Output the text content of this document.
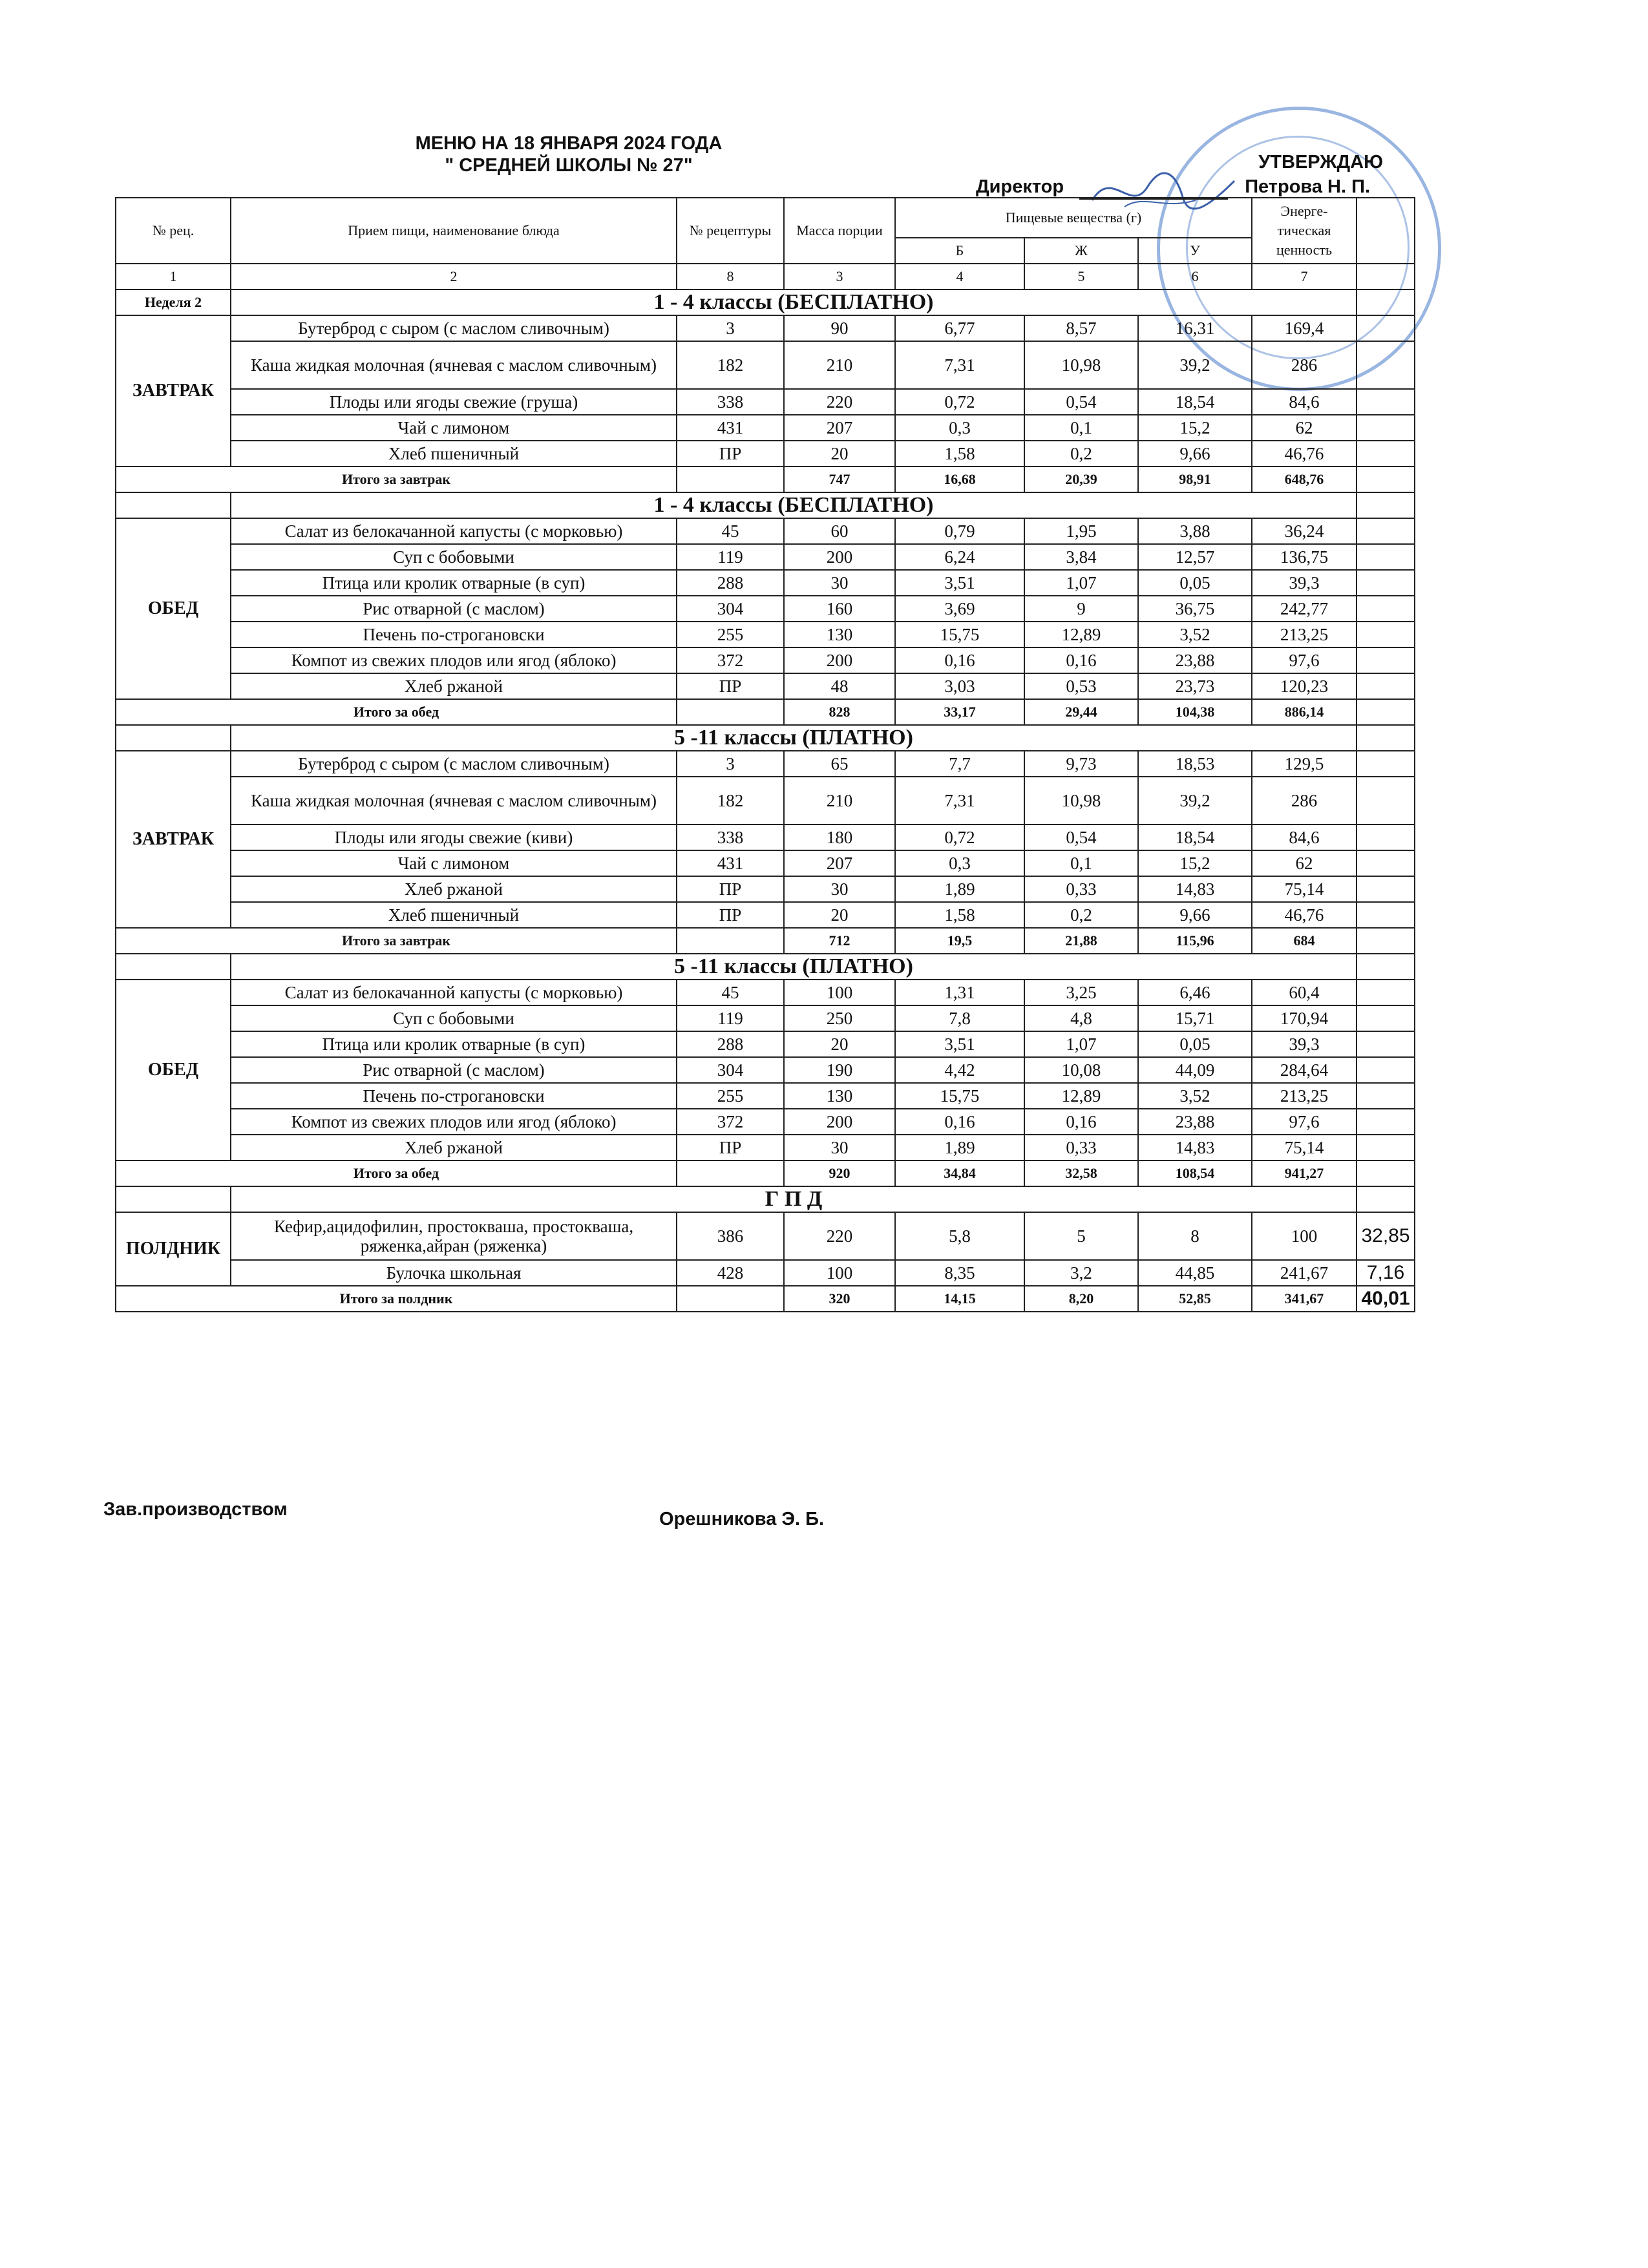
МЕНЮ НА 18 ЯНВАРЯ 2024 ГОДА
" СРЕДНЕЙ ШКОЛЫ № 27"	УТВЕРЖДАЮ
Директор	Петрова Н. П.
№ рец.	Прием пищи, наименование блюда	№ рецептуры	Масса порции	Пищевые вещества (г)			Энерге-тическая ценность	
				Б	Ж	У		
1	2	8	3	4	5	6	7	
Неделя 2	1 - 4 классы (БЕСПЛАТНО)							
ЗАВТРАК	Бутерброд с сыром (с маслом сливочным)	3	90	6,77	8,57	16,31	169,4	
	Каша жидкая молочная (ячневая с маслом сливочным)	182	210	7,31	10,98	39,2	286	
	Плоды или ягоды свежие (груша)	338	220	0,72	0,54	18,54	84,6	
	Чай с лимоном	431	207	0,3	0,1	15,2	62	
	Хлеб пшеничный	ПР	20	1,58	0,2	9,66	46,76	
Итого за завтрак			747	16,68	20,39	98,91	648,76	
	1 - 4 классы (БЕСПЛАТНО)							
ОБЕД	Салат из белокачанной капусты (с морковью)	45	60	0,79	1,95	3,88	36,24	
	Суп с бобовыми	119	200	6,24	3,84	12,57	136,75	
	Птица или кролик отварные (в суп)	288	30	3,51	1,07	0,05	39,3	
	Рис отварной (с маслом)	304	160	3,69	9	36,75	242,77	
	Печень по-строгановски	255	130	15,75	12,89	3,52	213,25	
	Компот из свежих плодов или ягод (яблоко)	372	200	0,16	0,16	23,88	97,6	
	Хлеб ржаной	ПР	48	3,03	0,53	23,73	120,23	
Итого за обед			828	33,17	29,44	104,38	886,14	
	5 -11 классы (ПЛАТНО)							
ЗАВТРАК	Бутерброд с сыром (с маслом сливочным)	3	65	7,7	9,73	18,53	129,5	
	Каша жидкая молочная (ячневая с маслом сливочным)	182	210	7,31	10,98	39,2	286	
	Плоды или ягоды свежие (киви)	338	180	0,72	0,54	18,54	84,6	
	Чай с лимоном	431	207	0,3	0,1	15,2	62	
	Хлеб ржаной	ПР	30	1,89	0,33	14,83	75,14	
	Хлеб пшеничный	ПР	20	1,58	0,2	9,66	46,76	
Итого за завтрак			712	19,5	21,88	115,96	684	
	5 -11 классы (ПЛАТНО)							
ОБЕД	Салат из белокачанной капусты (с морковью)	45	100	1,31	3,25	6,46	60,4	
	Суп с бобовыми	119	250	7,8	4,8	15,71	170,94	
	Птица или кролик отварные (в суп)	288	20	3,51	1,07	0,05	39,3	
	Рис отварной (с маслом)	304	190	4,42	10,08	44,09	284,64	
	Печень по-строгановски	255	130	15,75	12,89	3,52	213,25	
	Компот из свежих плодов или ягод (яблоко)	372	200	0,16	0,16	23,88	97,6	
	Хлеб ржаной	ПР	30	1,89	0,33	14,83	75,14	
Итого за обед			920	34,84	32,58	108,54	941,27	
	Г П Д							
ПОЛДНИК	Кефир,ацидофилин, простокваша, простокваша, ряженка,айран (ряженка)	386	220	5,8	5	8	100	32,85
	Булочка школьная	428	100	8,35	3,2	44,85	241,67	7,16
Итого за полдник			320	14,15	8,20	52,85	341,67	40,01
Зав.производством	Орешникова Э. Б.
